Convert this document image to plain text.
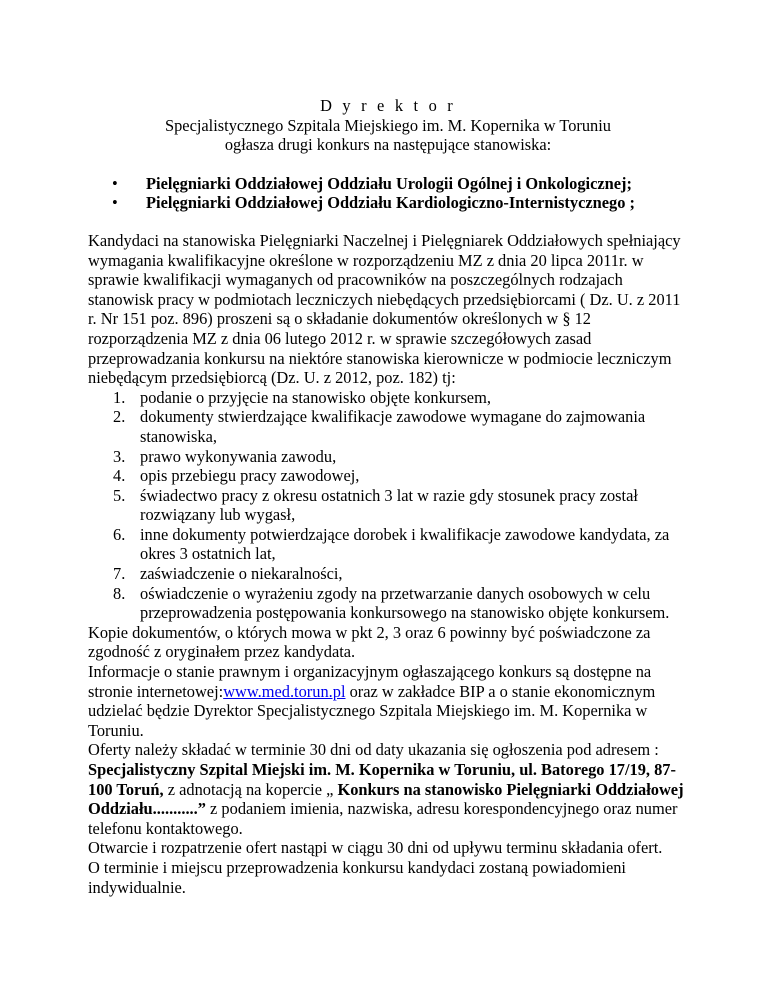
D y r e k t o r
Specjalistycznego Szpitala Miejskiego im. M. Kopernika w Toruniu
ogłasza drugi konkurs na następujące stanowiska:
•	Pielęgniarki Oddziałowej Oddziału Urologii Ogólnej i Onkologicznej;
•	Pielęgniarki Oddziałowej Oddziału Kardiologiczno-Internistycznego ;

Kandydaci na stanowiska Pielęgniarki Naczelnej i Pielęgniarek Oddziałowych spełniający wymagania kwalifikacyjne określone w rozporządzeniu MZ z dnia 20 lipca 2011r. w sprawie kwalifikacji wymaganych od pracowników na poszczególnych rodzajach stanowisk pracy w podmiotach leczniczych niebędących przedsiębiorcami ( Dz. U. z 2011 r. Nr 151 poz. 896) proszeni są o składanie dokumentów określonych w § 12 rozporządzenia MZ z dnia 06 lutego 2012 r. w sprawie szczegółowych zasad przeprowadzania konkursu na niektóre stanowiska kierownicze w podmiocie leczniczym niebędącym przedsiębiorcą (Dz. U. z 2012, poz. 182) tj:

1. podanie o przyjęcie na stanowisko objęte konkursem,
2. dokumenty stwierdzające kwalifikacje zawodowe wymagane do zajmowania stanowiska,
3. prawo wykonywania zawodu,
4. opis przebiegu pracy zawodowej,
5. świadectwo pracy z okresu ostatnich 3 lat w razie gdy stosunek pracy został rozwiązany lub wygasł,
6. inne dokumenty potwierdzające dorobek i kwalifikacje zawodowe kandydata, za okres 3 ostatnich lat,
7. zaświadczenie o niekaralności,
8. oświadczenie o wyrażeniu zgody na przetwarzanie danych osobowych w celu przeprowadzenia postępowania konkursowego na stanowisko objęte konkursem.

Kopie dokumentów, o których mowa w pkt 2, 3 oraz 6 powinny być poświadczone za zgodność z oryginałem przez kandydata.

Informacje o stanie prawnym i organizacyjnym ogłaszającego konkurs są dostępne na stronie internetowej:www.med.torun.pl oraz w zakładce BIP a o stanie ekonomicznym udzielać będzie Dyrektor Specjalistycznego Szpitala Miejskiego im. M. Kopernika w Toruniu.

Oferty należy składać w terminie 30 dni od daty ukazania się ogłoszenia pod adresem : Specjalistyczny Szpital Miejski im. M. Kopernika w Toruniu, ul. Batorego 17/19, 87-100 Toruń, z adnotacją na kopercie „ Konkurs na stanowisko Pielęgniarki Oddziałowej Oddziału...........” z podaniem imienia, nazwiska, adresu korespondencyjnego oraz numer telefonu kontaktowego.

Otwarcie i rozpatrzenie ofert nastąpi w ciągu 30 dni od upływu terminu składania ofert.

O terminie i miejscu przeprowadzenia konkursu kandydaci zostaną powiadomieni indywidualnie.
